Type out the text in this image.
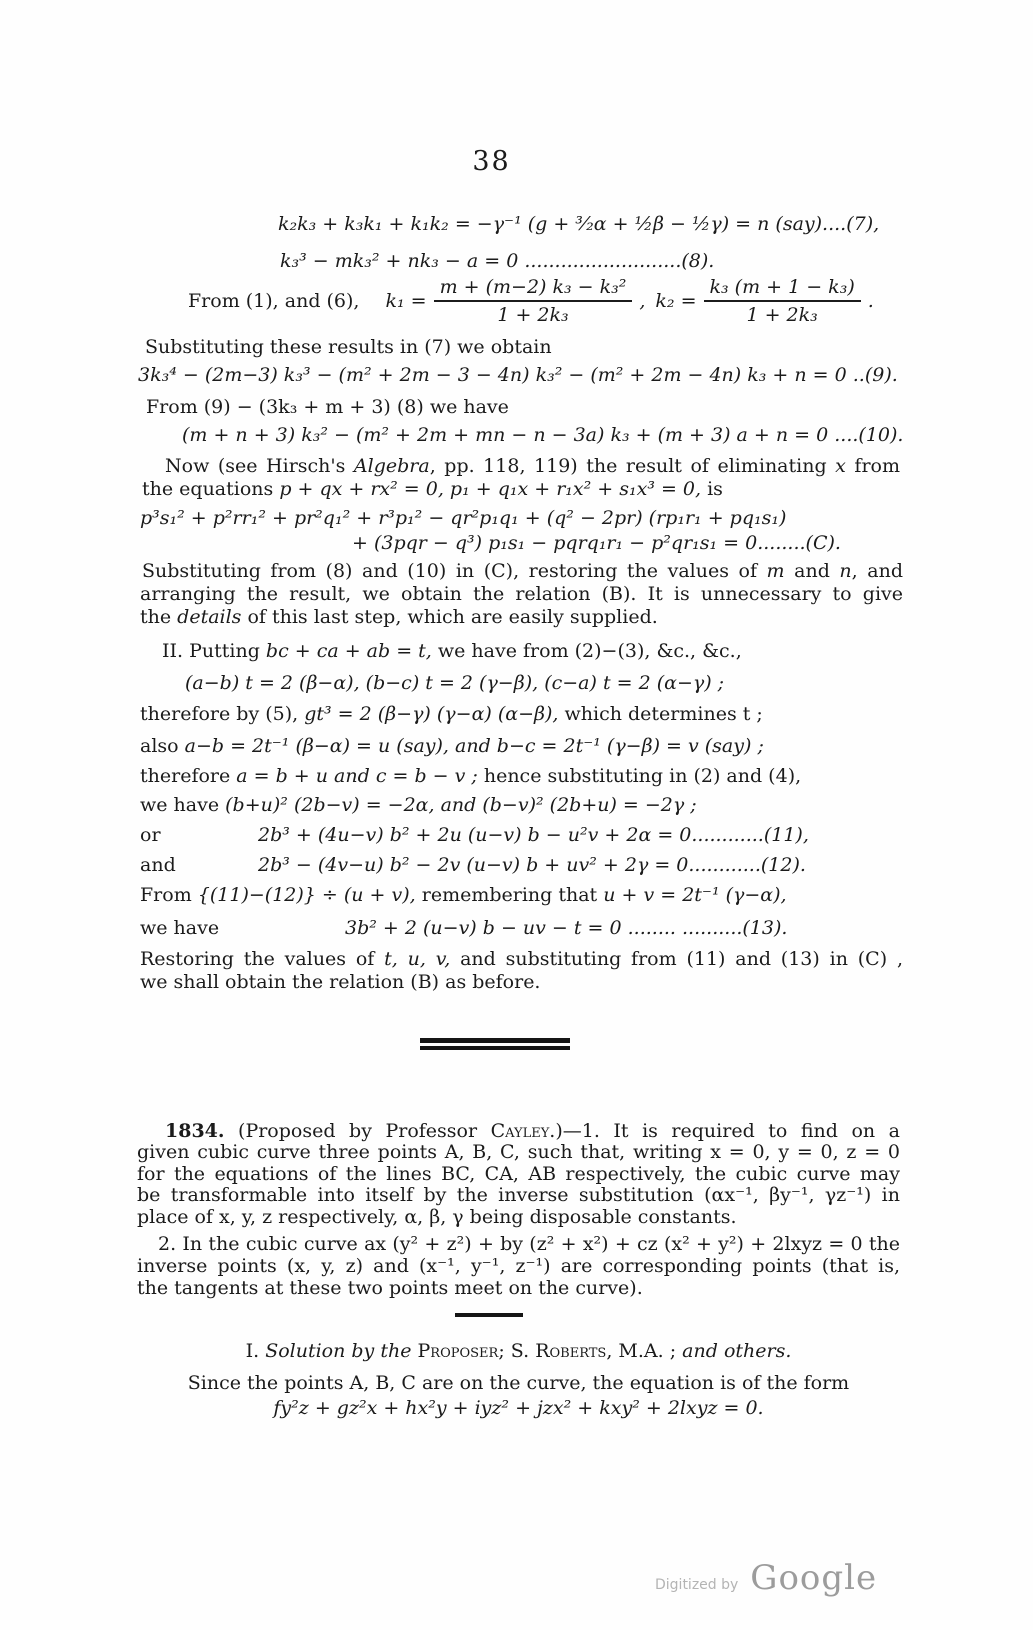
38
k₂k₃ + k₃k₁ + k₁k₂ = −γ⁻¹ (g + ³⁄₂α + ½β − ½γ) = n (say)....(7),
k₃³ − mk₃² + nk₃ − a = 0 ..........................(8).
From (1), and (6), $k_1 = \frac{\text{m + (m−2) k₃ − k₃²}}{\text{1 + 2k₃}}$ , $k_2 = \frac{\text{k₃ (m + 1 − k₃)}}{\text{1 + 2k₃}}$ .
Substituting these results in (7) we obtain
3k₃⁴ − (2m−3) k₃³ − (m² + 2m − 3 − 4n) k₃² − (m² + 2m − 4n) k₃ + n = 0 ..(9).
From (9) − (3k₃ + m + 3) (8) we have
(m + n + 3) k₃² − (m² + 2m + mn − n − 3a) k₃ + (m + 3) a + n = 0 ....(10).
Now (see Hirsch's Algebra, pp. 118, 119) the result of eliminating x from
the equations p + qx + rx² = 0, p₁ + q₁x + r₁x² + s₁x³ = 0, is
p³s₁² + p²rr₁² + pr²q₁² + r³p₁² − qr²p₁q₁ + (q² − 2pr) (rp₁r₁ + pq₁s₁)
+ (3pqr − q³) p₁s₁ − pqrq₁r₁ − p²qr₁s₁ = 0........(C).
Substituting from (8) and (10) in (C), restoring the values of m and n, and
arranging the result, we obtain the relation (B). It is unnecessary to give
the details of this last step, which are easily supplied.
II. Putting bc + ca + ab = t, we have from (2)−(3), &c., &c.,
(a−b) t = 2 (β−α), (b−c) t = 2 (γ−β), (c−a) t = 2 (α−γ) ;
therefore by (5), gt³ = 2 (β−γ) (γ−α) (α−β), which determines t ;
also a−b = 2t⁻¹ (β−α) = u (say), and b−c = 2t⁻¹ (γ−β) = v (say) ;
therefore a = b + u and c = b − v ; hence substituting in (2) and (4),
we have (b+u)² (2b−v) = −2α, and (b−v)² (2b+u) = −2γ ;
or	2b³ + (4u−v) b² + 2u (u−v) b − u²v + 2α = 0............(11),
and	2b³ − (4v−u) b² − 2v (u−v) b + uv² + 2γ = 0............(12).
From {(11)−(12)} ÷ (u + v), remembering that u + v = 2t⁻¹ (γ−α),
we have	3b² + 2 (u−v) b − uv − t = 0 ........ ..........(13).
Restoring the values of t, u, v, and substituting from (11) and (13) in (C) ,
we shall obtain the relation (B) as before.
1834. (Proposed by Professor Cayley.)—1. It is required to find on a
given cubic curve three points A, B, C, such that, writing x = 0, y = 0, z = 0
for the equations of the lines BC, CA, AB respectively, the cubic curve may
be transformable into itself by the inverse substitution (αx⁻¹, βy⁻¹, γz⁻¹) in
place of x, y, z respectively, α, β, γ being disposable constants.
2. In the cubic curve ax (y² + z²) + by (z² + x²) + cz (x² + y²) + 2lxyz = 0 the
inverse points (x, y, z) and (x⁻¹, y⁻¹, z⁻¹) are corresponding points (that is,
the tangents at these two points meet on the curve).
I. Solution by the Proposer; S. Roberts, M.A. ; and others.
Since the points A, B, C are on the curve, the equation is of the form
fy²z + gz²x + hx²y + iyz² + jzx² + kxy² + 2lxyz = 0.
Digitized by Google
